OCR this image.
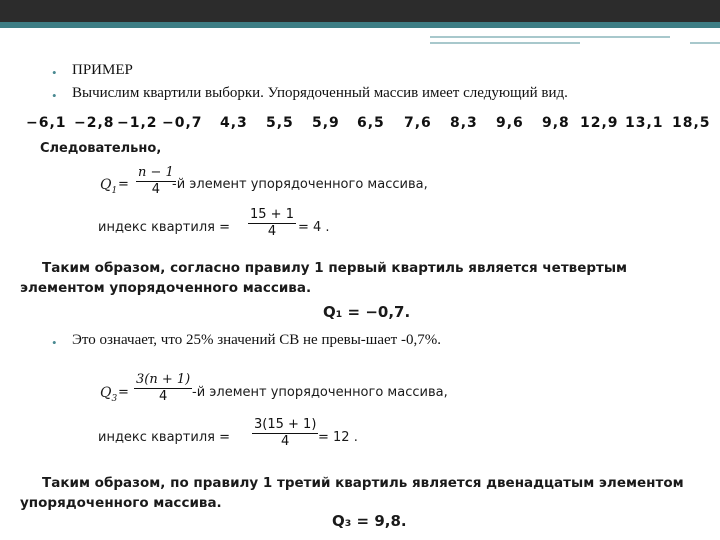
• ПРИМЕР
• Вычислим квартили выборки. Упорядоченный массив имеет следующий вид.
−6,1 −2,8 −1,2 −0,7 4,3 5,5 5,9 6,5 7,6 8,3 9,6 9,8 12,9 13,1 18,5
Следовательно,
$Q_1 = \frac{n - 1}{4}$
-й элемент упорядоченного массива,
индекс квартиля = $\frac{15 + 1}{4} = 4$ .
Таким образом, согласно правилу 1 первый квартиль является четвертым элементом упорядоченного массива.
Q₁ = −0,7.
• Это означает, что 25% значений СВ не превы-шает -0,7%.
$Q_3 = \frac{3(n + 1)}{4} -й$ элемент упорядоченного массива,
индекс квартиля = $\frac{3(15 + 1)}{4} = 12$ .
Таким образом, по правилу 1 третий квартиль является двенадцатым элементом упорядоченного массива.
Q₃ = 9,8.
